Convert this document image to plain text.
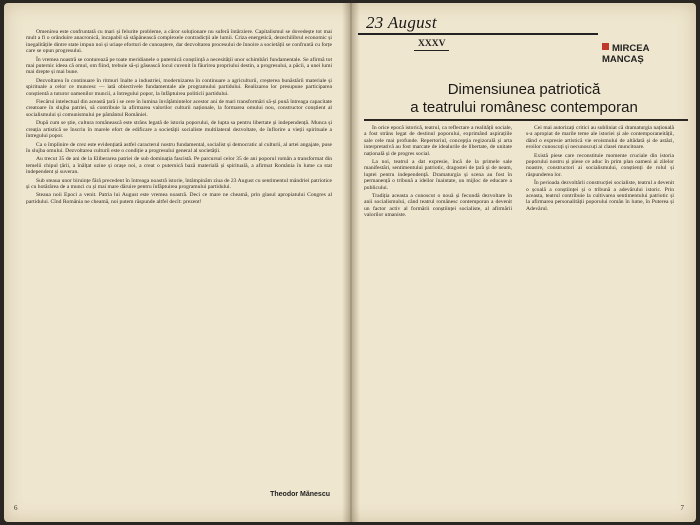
Omenirea este confruntată cu mari și felurite probleme, a căror soluționare nu suferă întârziere. Capitalismul se dovedește tot mai mult a fi o orânduire anacronică, incapabil să stăpânească complexele contradicții ale lumii. Criza energetică, dezechilibrul economic și inegalitățile dintre state impun noi și uriașe eforturi de cunoaștere, dar dezvoltarea procesului de înnoire a societății se confruntă cu forțe care se opun progresului.

În vremea noastră se conturează pe toate meridianele o puternică conștiință a necesității unor schimbări fundamentale. Se afirmă tot mai puternic ideea că omul, om fiind, trebuie să-și găsească locul cuvenit în făurirea propriului destin, a progresului, a păcii, a unei lumi mai drepte și mai bune.

Dezvoltarea în continuare în ritmuri înalte a industriei, modernizarea în continuare a agriculturii, creșterea bunăstării materiale și spirituale a celor ce muncesc — iată obiectivele fundamentale ale programului partidului. Realizarea lor presupune participarea conștientă a tuturor oamenilor muncii, a întregului popor, la înfăptuirea politicii partidului.

Fiecărui intelectual din această țară i se cere în lumina învățămintelor acestor ani de mari transformări să-și pună întreaga capacitate creatoare în slujba patriei, să contribuie la afirmarea valorilor culturii naționale, la formarea omului nou, constructor conștient al socialismului și comunismului pe pământul României.

După cum se știe, cultura românească este strâns legată de istoria poporului, de lupta sa pentru libertate și independență. Munca și creația artistică se înscriu în marele efort de edificare a societății socialiste multilateral dezvoltate, de înflorire a vieții spirituale a întregului popor.

Ca o împlinire de crez este evidențiată astfel caracterul nostru fundamental, socialist și democratic al culturii, al artei angajate, puse în slujba omului. Dezvoltarea culturii este o condiție a progresului general al societății.

Au trecut 35 de ani de la Eliberarea patriei de sub dominația fascistă. Pe parcursul celor 35 de ani poporul român a transformat din temelii chipul țării, a înălțat uzine și orașe noi, a creat o puternică bază materială și spirituală, a afirmat România în lume ca stat independent și suveran.

Sub steaua unor biruințe fără precedent în întreaga noastră istorie, întâmpinăm ziua de 23 August cu sentimentul mândriei patriotice și cu hotărârea de a munci cu și mai mare dăruire pentru înfăptuirea programului partidului.

Steaua noii Epoci a venit. Patria lui August este vremea noastră. Deci ce mare ne cheamă, prin glasul apropiatului Congres al partidului. Cînd România ne cheamă, noi putem răspunde altfel decît: prezent!

Theodor Mănescu
6
23 August
XXXV	MIRCEA
MANCAȘ
Dimensiunea patriotică
a teatrului românesc contemporan

În orice epocă istorică, teatrul, ca reflectare a realității sociale, a fost strâns legat de destinul poporului, exprimând aspirațiile sale cele mai profunde. Repertoriul, concepția regizorală și arta interpretativă au fost marcate de idealurile de libertate, de unitate națională și de progres social.

La noi, teatrul a dat expresie, încă de la primele sale manifestări, sentimentului patriotic, dragostei de țară și de neam, luptei pentru independență. Dramaturgia și scena au fost în permanență o tribună a ideilor înaintate, un mijloc de educare a publicului.

Tradiția aceasta a cunoscut o nouă și fecundă dezvoltare în anii socialismului, când teatrul românesc contemporan a devenit un factor activ al formării conștiinței socialiste, al afirmării valorilor umaniste.

Cei mai autorizați critici au subliniat că dramaturgia națională s-a apropiat de marile teme ale istoriei și ale contemporaneității, dând o expresie artistică vie eroismului de altădată și de astăzi, eroilor cunoscuți și necunoscuți ai clasei muncitoare.

Există piese care reconstituie momente cruciale din istoria poporului nostru și piese ce aduc în prim plan oameni ai zilelor noastre, constructori ai socialismului, conștienți de rolul și răspunderea lor.

În perioada dezvoltării construcției socialiste, teatrul a devenit o școală a conștiinței și o tribună a adevărului istoric. Prin aceasta, teatrul contribuie la cultivarea sentimentului patriotic și la afirmarea personalității poporului român în lume, în Puterea și Adevărul.

7
